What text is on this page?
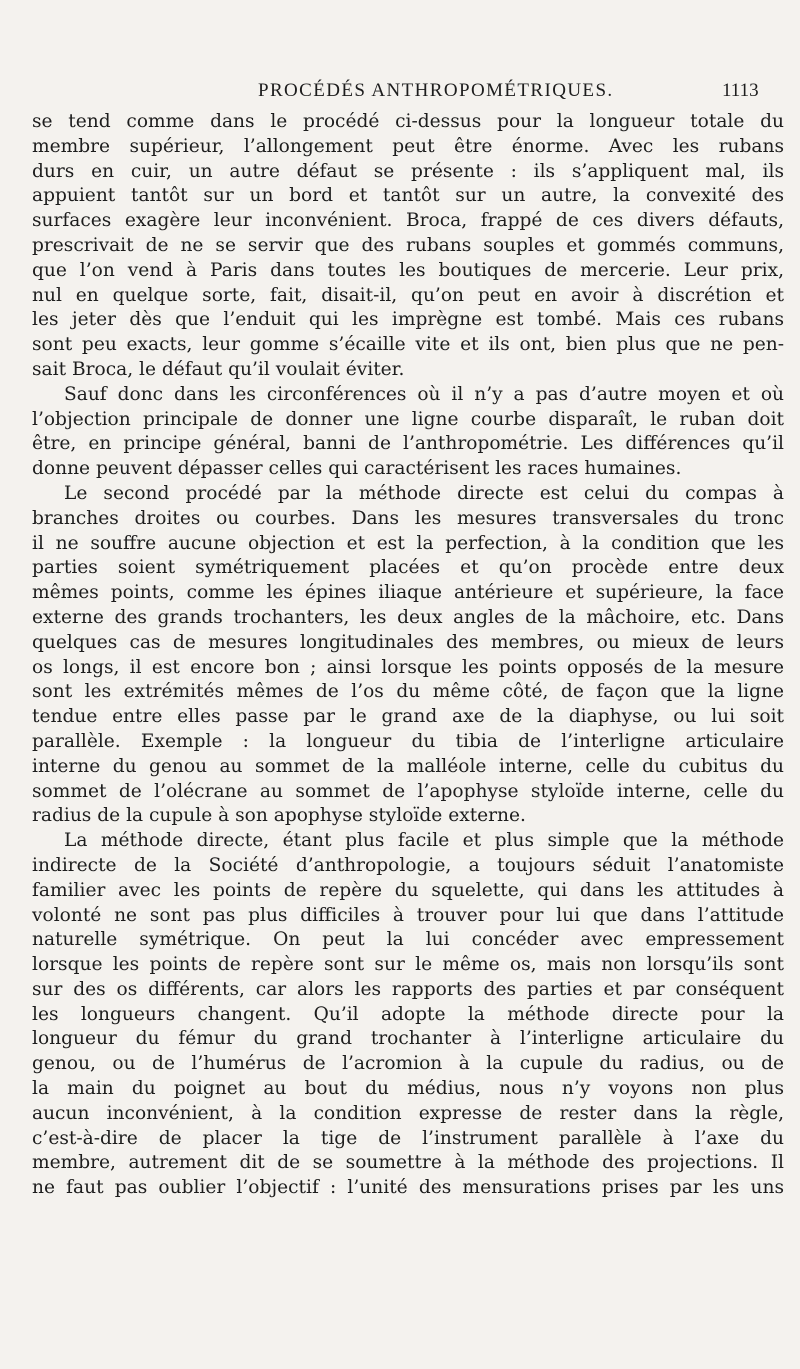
PROCÉDÉS ANTHROPOMÉTRIQUES.	1113
se tend comme dans le procédé ci-dessus pour la longueur totale du
membre supérieur, l’allongement peut être énorme. Avec les rubans
durs en cuir, un autre défaut se présente : ils s’appliquent mal, ils
appuient tantôt sur un bord et tantôt sur un autre, la convexité des
surfaces exagère leur inconvénient. Broca, frappé de ces divers défauts,
prescrivait de ne se servir que des rubans souples et gommés communs,
que l’on vend à Paris dans toutes les boutiques de mercerie. Leur prix,
nul en quelque sorte, fait, disait-il, qu’on peut en avoir à discrétion et
les jeter dès que l’enduit qui les imprègne est tombé. Mais ces rubans
sont peu exacts, leur gomme s’écaille vite et ils ont, bien plus que ne pen-
sait Broca, le défaut qu’il voulait éviter.
Sauf donc dans les circonférences où il n’y a pas d’autre moyen et où
l’objection principale de donner une ligne courbe disparaît, le ruban doit
être, en principe général, banni de l’anthropométrie. Les différences qu’il
donne peuvent dépasser celles qui caractérisent les races humaines.
Le second procédé par la méthode directe est celui du compas à
branches droites ou courbes. Dans les mesures transversales du tronc
il ne souffre aucune objection et est la perfection, à la condition que les
parties soient symétriquement placées et qu’on procède entre deux
mêmes points, comme les épines iliaque antérieure et supérieure, la face
externe des grands trochanters, les deux angles de la mâchoire, etc. Dans
quelques cas de mesures longitudinales des membres, ou mieux de leurs
os longs, il est encore bon ; ainsi lorsque les points opposés de la mesure
sont les extrémités mêmes de l’os du même côté, de façon que la ligne
tendue entre elles passe par le grand axe de la diaphyse, ou lui soit
parallèle. Exemple : la longueur du tibia de l’interligne articulaire
interne du genou au sommet de la malléole interne, celle du cubitus du
sommet de l’olécrane au sommet de l’apophyse styloïde interne, celle du
radius de la cupule à son apophyse styloïde externe.
La méthode directe, étant plus facile et plus simple que la méthode
indirecte de la Société d’anthropologie, a toujours séduit l’anatomiste
familier avec les points de repère du squelette, qui dans les attitudes à
volonté ne sont pas plus difficiles à trouver pour lui que dans l’attitude
naturelle symétrique. On peut la lui concéder avec empressement
lorsque les points de repère sont sur le même os, mais non lorsqu’ils sont
sur des os différents, car alors les rapports des parties et par conséquent
les longueurs changent. Qu’il adopte la méthode directe pour la
longueur du fémur du grand trochanter à l’interligne articulaire du
genou, ou de l’humérus de l’acromion à la cupule du radius, ou de
la main du poignet au bout du médius, nous n’y voyons non plus
aucun inconvénient, à la condition expresse de rester dans la règle,
c’est-à-dire de placer la tige de l’instrument parallèle à l’axe du
membre, autrement dit de se soumettre à la méthode des projections. Il
ne faut pas oublier l’objectif : l’unité des mensurations prises par les uns
